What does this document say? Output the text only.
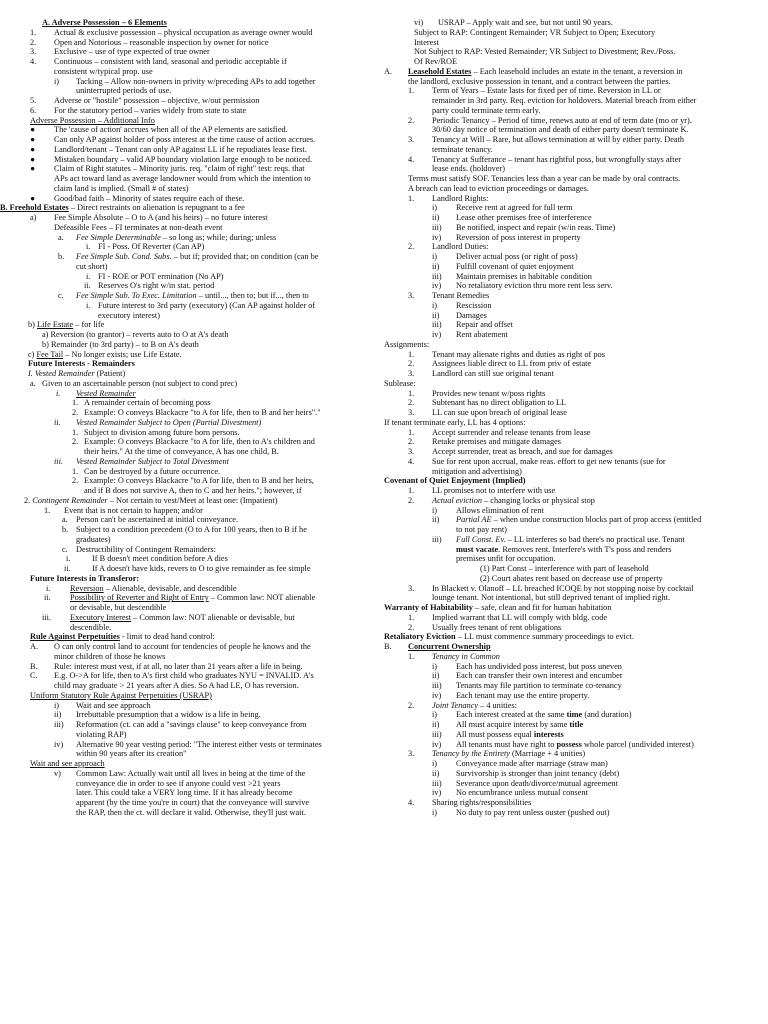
A. Adverse Possession – 6 Elements
1.	Actual & exclusive possession – physical occupation as average owner would
2.	Open and Notorious – reasonable inspection by owner for notice
3.	Exclusive – use of type expected of true owner
4.	Continuous – consistent with land, seasonal and periodic acceptable if
consistent w/typical prop. use
i)	Tacking – Allow non-owners in privity w/preceding APs to add together
uninterrupted periods of use.
5.	Adverse or "hostile" possession – objective, w/out permission
6.	For the statutory period – varies widely from state to state
Adverse Possession – Additional Info
●	The 'cause of action' accrues when all of the AP elements are satisfied.
●	Can only AP against holder of poss interest at the time cause of action accrues.
●	Landlord/tenant – Tenant can only AP against LL if he repudiates lease first.
●	Mistaken boundary – valid AP boundary violation large enough to be noticed.
●	Claim of Right statutes – Minority juris. req. "claim of right" test: reqs. that
APs act toward land as average landowner would from which the intention to
claim land is implied. (Small # of states)
●	Good/bad faith – Minority of states require each of these.
B. Freehold Estates – Direct restraints on alienation is repugnant to a fee
a)	Fee Simple Absolute – O to A (and his heirs) – no future interest
Defeasible Fees – FI terminates at non-death event
a.	Fee Simple Determinable – so long as; while; during; unless
i. FI - Poss. Of Reverter (Can AP)
b.	Fee Simple Sub. Cond. Subs. – but if; provided that; on condition (can be
cut short)
i. FI - ROE or POT ermination (No AP)
ii. Reserves O's right w/in stat. period
c.	Fee Simple Sub. To Exec. Limitation – until..., then to; but if..., then to
i. Future interest to 3rd party (executory) (Can AP against holder of
executory interest)
b) Life Estate – for life
a) Reversion (to grantor) – reverts auto to O at A's death
b) Remainder (to 3rd party) – to B on A's death
c) Fee Tail – No longer exists; use Life Estate.
Future Interests - Remainders
I. Vested Remainder (Patient)
a. Given to an ascertainable person (not subject to cond prec)
i.	Vested Remainder
1. A remainder certain of becoming poss
2. Example: O conveys Blackacre "to A for life, then to B and her heirs"."
ii.	Vested Remainder Subject to Open (Partial Divestment)
1. Subject to division among future born persons.
2. Example: O conveys Blackacre "to A for life, then to A's children and
their heirs." At the time of conveyance, A has one child, B.
iii.	Vested Remainder Subject to Total Divestment
1. Can be destroyed by a future occurrence.
2. Example: O conveys Blackacre "to A for life, then to B and her heirs,
and if B does not survive A, then to C and her heirs."; however, if
2. Contingent Remainder – Not certain to vest/Meet at least one: (Impatient)
1.	Event that is not certain to happen; and/or
a. Person can't be ascertained at initial conveyance.
b. Subject to a condition precedent (O to A for 100 years, then to B if he
graduates)
c. Destructibility of Contingent Remainders:
i.	If B doesn't meet condition before A dies
ii.	If A doesn't have kids, revers to O to give remainder as fee simple
Future Interests in Transferor:
i.	Reversion – Alienable, devisable, and descendible
ii.	Possibility of Reverter and Right of Entry – Common law: NOT alienable
or devisable, but descendible
iii.	Executory Interest – Common law: NOT alienable or devisable, but
descendible.
Rule Against Perpetuities - limit to dead hand control:
A.	O can only control land to account for tendencies of people he knows and the
minor children of those he knows
B.	Rule: interest must vest, if at all, no later than 21 years after a life in being.
C.	E.g. O->A for life, then to A's first child who graduates NYU = INVALID. A's
child may graduate > 21 years after A dies. So A had LE, O has reversion.
Uniform Statutory Rule Against Perpetuities (USRAP)
i)	Wait and see approach
ii)	Irrebuttable presumption that a widow is a life in being.
iii)	Reformation (ct. can add a "savings clause" to keep conveyance from
violating RAP)
iv)	Alternative 90 year vesting period: "The interest either vests or terminates
within 90 years after its creation"
Wait and see approach
v)	Common Law: Actually wait until all lives in being at the time of the
conveyance die in order to see if anyone could vest >21 years
later. This could take a VERY long time. If it has already become
apparent (by the time you're in court) that the conveyance will survive
the RAP, then the ct. will declare it valid. Otherwise, they'll just wait.
vi)	USRAP – Apply wait and see, but not until 90 years.
Subject to RAP: Contingent Remainder; VR Subject to Open; Executory
Interest
Not Subject to RAP: Vested Remainder; VR Subject to Divestment; Rev./Poss.
Of Rev/ROE
A.	Leasehold Estates – Each leasehold includes an estate in the tenant, a reversion in
the landlord, exclusive possession in tenant, and a contract between the parties.
1.	Term of Years – Estate lasts for fixed per of time. Reversion in LL or
remainder in 3rd party. Req. eviction for holdovers. Material breach from either
party could terminate term early.
2.	Periodic Tenancy – Period of time, renews auto at end of term date (mo or yr).
30/60 day notice of termination and death of either party doesn't terminate K.
3.	Tenancy at Will – Rare, but allows termination at will by either party. Death
terminate tenancy.
4.	Tenancy at Sufferance – tenant has rightful poss, but wrongfully stays after
lease ends. (holdover)
Terms must satisfy SOF. Tenancies less than a year can be made by oral contracts.
A breach can lead to eviction proceedings or damages.
1.	Landlord Rights:
i)	Receive rent at agreed for full term
ii)	Lease other premises free of interference
iii)	Be notified, inspect and repair (w/in reas. Time)
iv)	Reversion of poss interest in property
2.	Landlord Duties:
i)	Deliver actual poss (or right of poss)
ii)	Fulfill covenant of quiet enjoyment
iii)	Maintain premises in habitable condition
iv)	No retaliatory eviction thru more rent less serv.
3.	Tenant Remedies
i)	Rescission
ii)	Damages
iii)	Repair and offset
iv)	Rent abatement
Assignments:
1.	Tenant may alienate rights and duties as right of pos
2.	Assignees liable direct to LL from priv of estate
3.	Landlord can still sue original tenant
Sublease:
1.	Provides new tenant w/poss rights
2.	Subtenant has no direct obligation to LL
3.	LL can sue upon breach of original lease
If tenant terminate early, LL has 4 options:
1.	Accept surrender and release tenants from lease
2.	Retake premises and mitigate damages
3.	Accept surrender, treat as breach, and sue for damages
4.	Sue for rent upon accrual, make reas. effort to get new tenants (sue for
mitigation and advertising)
Covenant of Quiet Enjoyment (Implied)
1.	LL promises not to interfere with use
2.	Actual eviction – changing locks or physical stop
i)	Allows elimination of rent
ii)	Partial AE – when undue construction blocks part of prop access (entitled
to not pay rent)
iii)	Full Const. Ev. – LL interferes so bad there's no practical use. Tenant
must vacate. Removes rent. Interfere's with T's poss and renders
premises unfit for occupation.
(1) Part Const – interference with part of leasehold
(2) Court abates rent based on decrease use of property
3.	In Blackett v. Olanoff – LL breached ICOQE by not stopping noise by cocktail
lounge tenant. Not intentional, but still deprived tenant of implied right.
Warranty of Habitability – safe, clean and fit for human habitation
1.	Implied warrant that LL will comply with bldg. code
2.	Usually frees tenant of rent obligations
Retaliatory Eviction – LL must commence summary proceedings to evict.
B.	Concurrent Ownership
1.	Tenancy in Common
i)	Each has undivided poss interest, but poss uneven
ii)	Each can transfer their own interest and encumber
iii)	Tenants may file partition to terminate co-tenancy
iv)	Each tenant may use the entire property.
2.	Joint Tenancy – 4 unities:
i)	Each interest created at the same time (and duration)
ii)	All must acquire interest by same title
iii)	All must possess equal interests
iv)	All tenants must have right to possess whole parcel (undivided interest)
3.	Tenancy by the Entirety (Marriage + 4 unities)
i)	Conveyance made after marriage (straw man)
ii)	Survivorship is stronger than joint tenancy (debt)
iii)	Severance upon death/divorce/mutual agreement
iv)	No encumbrance unless mutual consent
4.	Sharing rights/responsibilities
i)	No duty to pay rent unless ouster (pushed out)
